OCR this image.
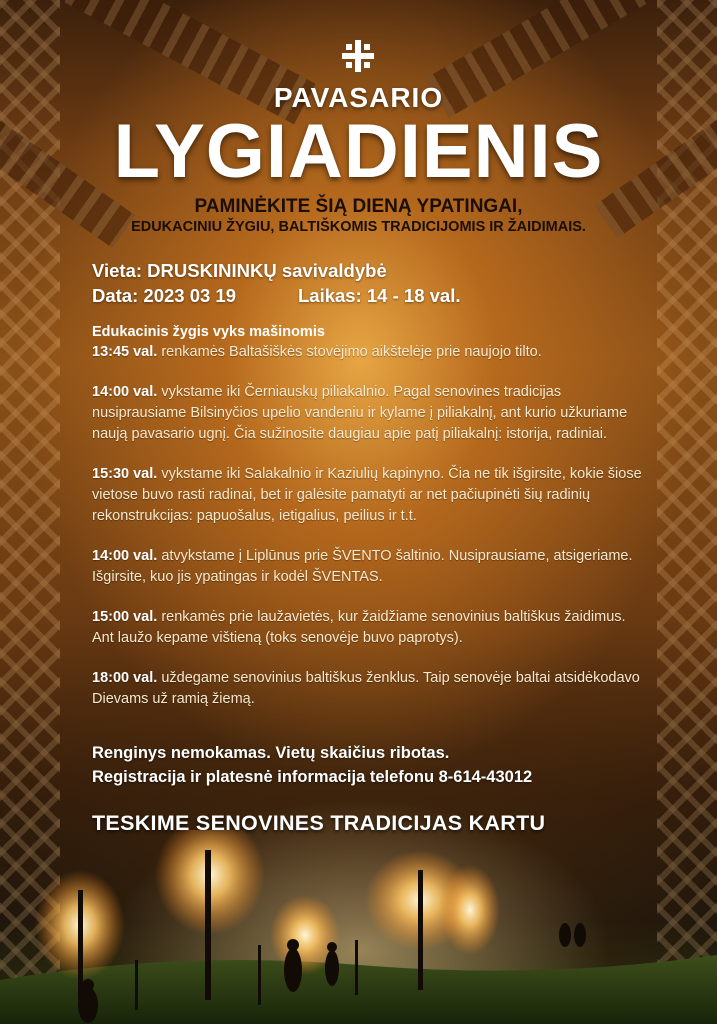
PAVASARIO
LYGIADIENIS
PAMINĖKITE ŠIĄ DIENĄ YPATINGAI,
EDUKACINIU ŽYGIU, BALTIŠKOMIS TRADICIJOMIS IR ŽAIDIMAIS.
Vieta: DRUSKININKŲ savivaldybė
Data: 2023 03 19	Laikas: 14 - 18 val.

Edukacinis žygis vyks mašinomis

13:45 val. renkamės Baltašiškės stovėjimo aikštelėje prie naujojo tilto.

14:00 val. vykstame iki Černiauskų piliakalnio. Pagal senovines tradicijas nusiprausiame Bilsinyčios upelio vandeniu ir kylame į piliakalnį, ant kurio užkuriame naują pavasario ugnį. Čia sužinosite daugiau apie patį piliakalnį: istorija, radiniai.

15:30 val. vykstame iki Salakalnio ir Kaziulių kapinyno. Čia ne tik išgirsite, kokie šiose vietose buvo rasti radinai, bet ir galėsite pamatyti ar net pačiupinėti šių radinių rekonstrukcijas: papuošalus, ietigalius, peilius ir t.t.

14:00 val. atvykstame į Liplūnus prie ŠVENTO šaltinio. Nusiprausiame, atsigeriame. Išgirsite, kuo jis ypatingas ir kodėl ŠVENTAS.

15:00 val. renkamės prie laužavietės, kur žaidžiame senovinius baltiškus žaidimus. Ant laužo kepame vištieną (toks senovėje buvo paprotys).

18:00 val. uždegame senovinius baltiškus ženklus. Taip senovėje baltai atsidėkodavo Dievams už ramią žiemą.

Renginys nemokamas. Vietų skaičius ribotas.
Registracija ir platesnė informacija telefonu 8-614-43012
TESKIME SENOVINES TRADICIJAS KARTU
